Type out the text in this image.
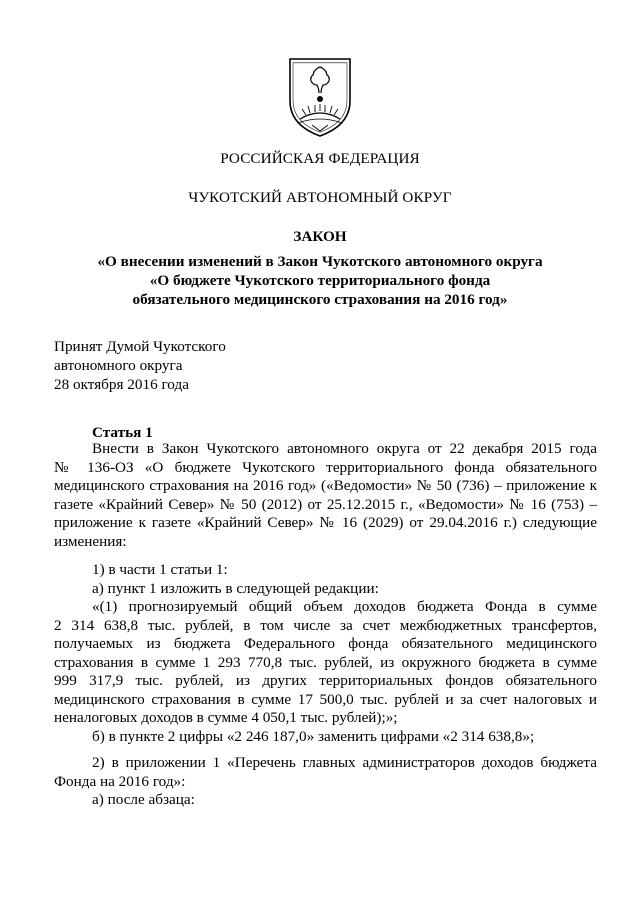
РОССИЙСКАЯ ФЕДЕРАЦИЯ
ЧУКОТСКИЙ АВТОНОМНЫЙ ОКРУГ
ЗАКОН
«О внесении изменений в Закон Чукотского автономного округа
«О бюджете Чукотского территориального фонда
обязательного медицинского страхования на 2016 год»
Принят Думой Чукотского
автономного округа
28 октября 2016 года
Статья 1
Внести в Закон Чукотского автономного округа от 22 декабря 2015 года
№ 136-ОЗ «О бюджете Чукотского территориального фонда обязательного
медицинского страхования на 2016 год» («Ведомости» № 50 (736) – приложение к
газете «Крайний Север» № 50 (2012) от 25.12.2015 г., «Ведомости» № 16 (753) –
приложение к газете «Крайний Север» № 16 (2029) от 29.04.2016 г.) следующие
изменения:
1) в части 1 статьи 1:
а) пункт 1 изложить в следующей редакции:
«(1) прогнозируемый общий объем доходов бюджета Фонда в сумме
2 314 638,8 тыс. рублей, в том числе за счет межбюджетных трансфертов,
получаемых из бюджета Федерального фонда обязательного медицинского
страхования в сумме 1 293 770,8 тыс. рублей, из окружного бюджета в сумме
999 317,9 тыс. рублей, из других территориальных фондов обязательного
медицинского страхования в сумме 17 500,0 тыс. рублей и за счет налоговых и
неналоговых доходов в сумме 4 050,1 тыс. рублей);»;
б) в пункте 2 цифры «2 246 187,0» заменить цифрами «2 314 638,8»;
2) в приложении 1 «Перечень главных администраторов доходов бюджета
Фонда на 2016 год»:
а) после абзаца:
